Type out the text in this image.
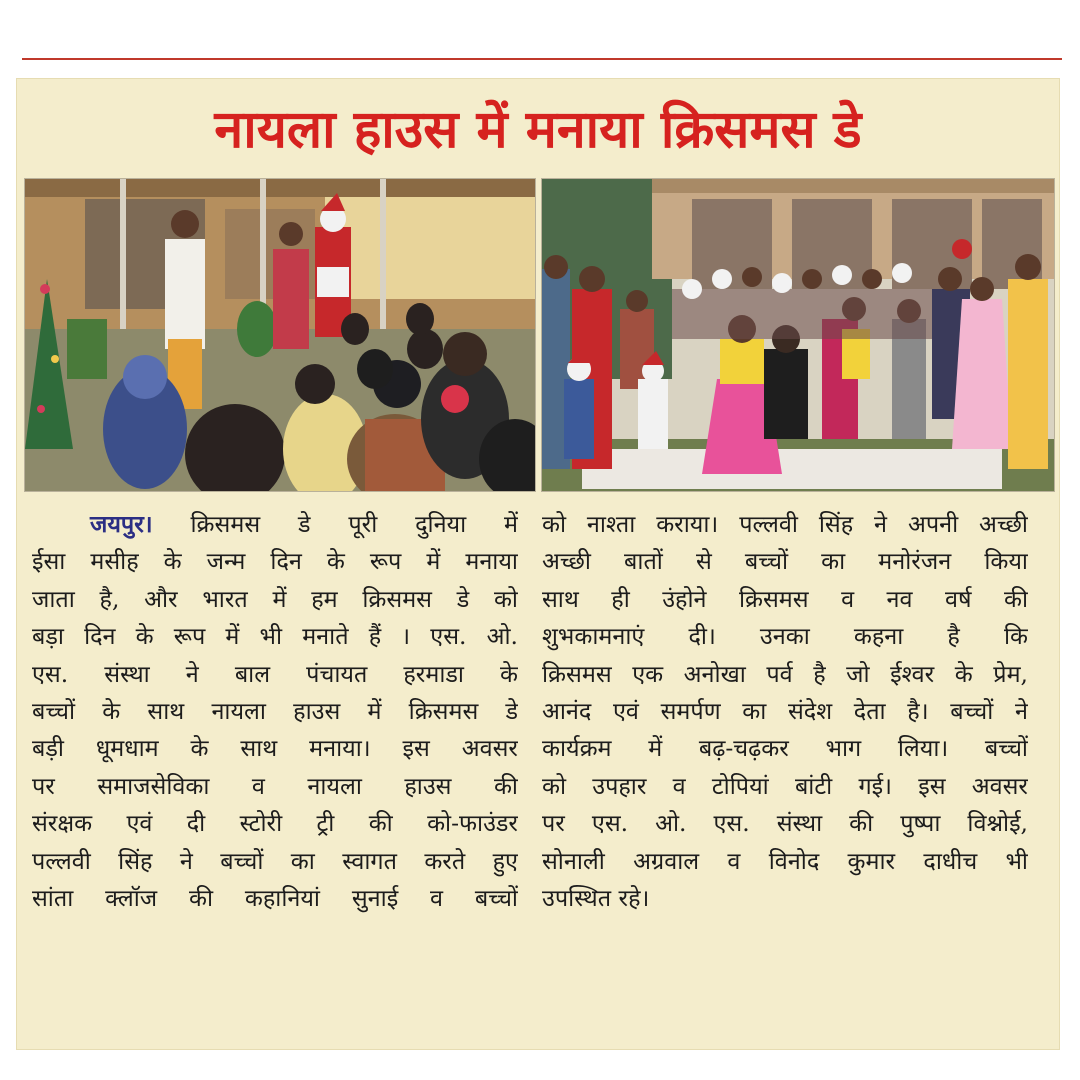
नायला हाउस में मनाया क्रिसमस डे
जयपुर। क्रिसमस डे पूरी दुनिया में
ईसा मसीह के जन्म दिन के रूप में मनाया
जाता है, और भारत में हम क्रिसमस डे को
बड़ा दिन के रूप में भी मनाते हैं । एस. ओ.
एस. संस्था ने बाल पंचायत हरमाडा के
बच्चों के साथ नायला हाउस में क्रिसमस डे
बड़ी धूमधाम के साथ मनाया। इस अवसर
पर समाजसेविका व नायला हाउस की
संरक्षक एवं दी स्टोरी ट्री की को-फाउंडर
पल्लवी सिंह ने बच्चों का स्वागत करते हुए
सांता क्लॉज की कहानियां सुनाई व बच्चों
को नाश्ता कराया। पल्लवी सिंह ने अपनी अच्छी
अच्छी बातों से बच्चों का मनोरंजन किया
साथ ही उंहोने क्रिसमस व नव वर्ष की
शुभकामनाएं दी। उनका कहना है कि
क्रिसमस एक अनोखा पर्व है जो ईश्वर के प्रेम,
आनंद एवं समर्पण का संदेश देता है। बच्चों ने
कार्यक्रम में बढ़-चढ़कर भाग लिया। बच्चों
को उपहार व टोपियां बांटी गई। इस अवसर
पर एस. ओ. एस. संस्था की पुष्पा विश्नोई,
सोनाली अग्रवाल व विनोद कुमार दाधीच भी
उपस्थित रहे।
